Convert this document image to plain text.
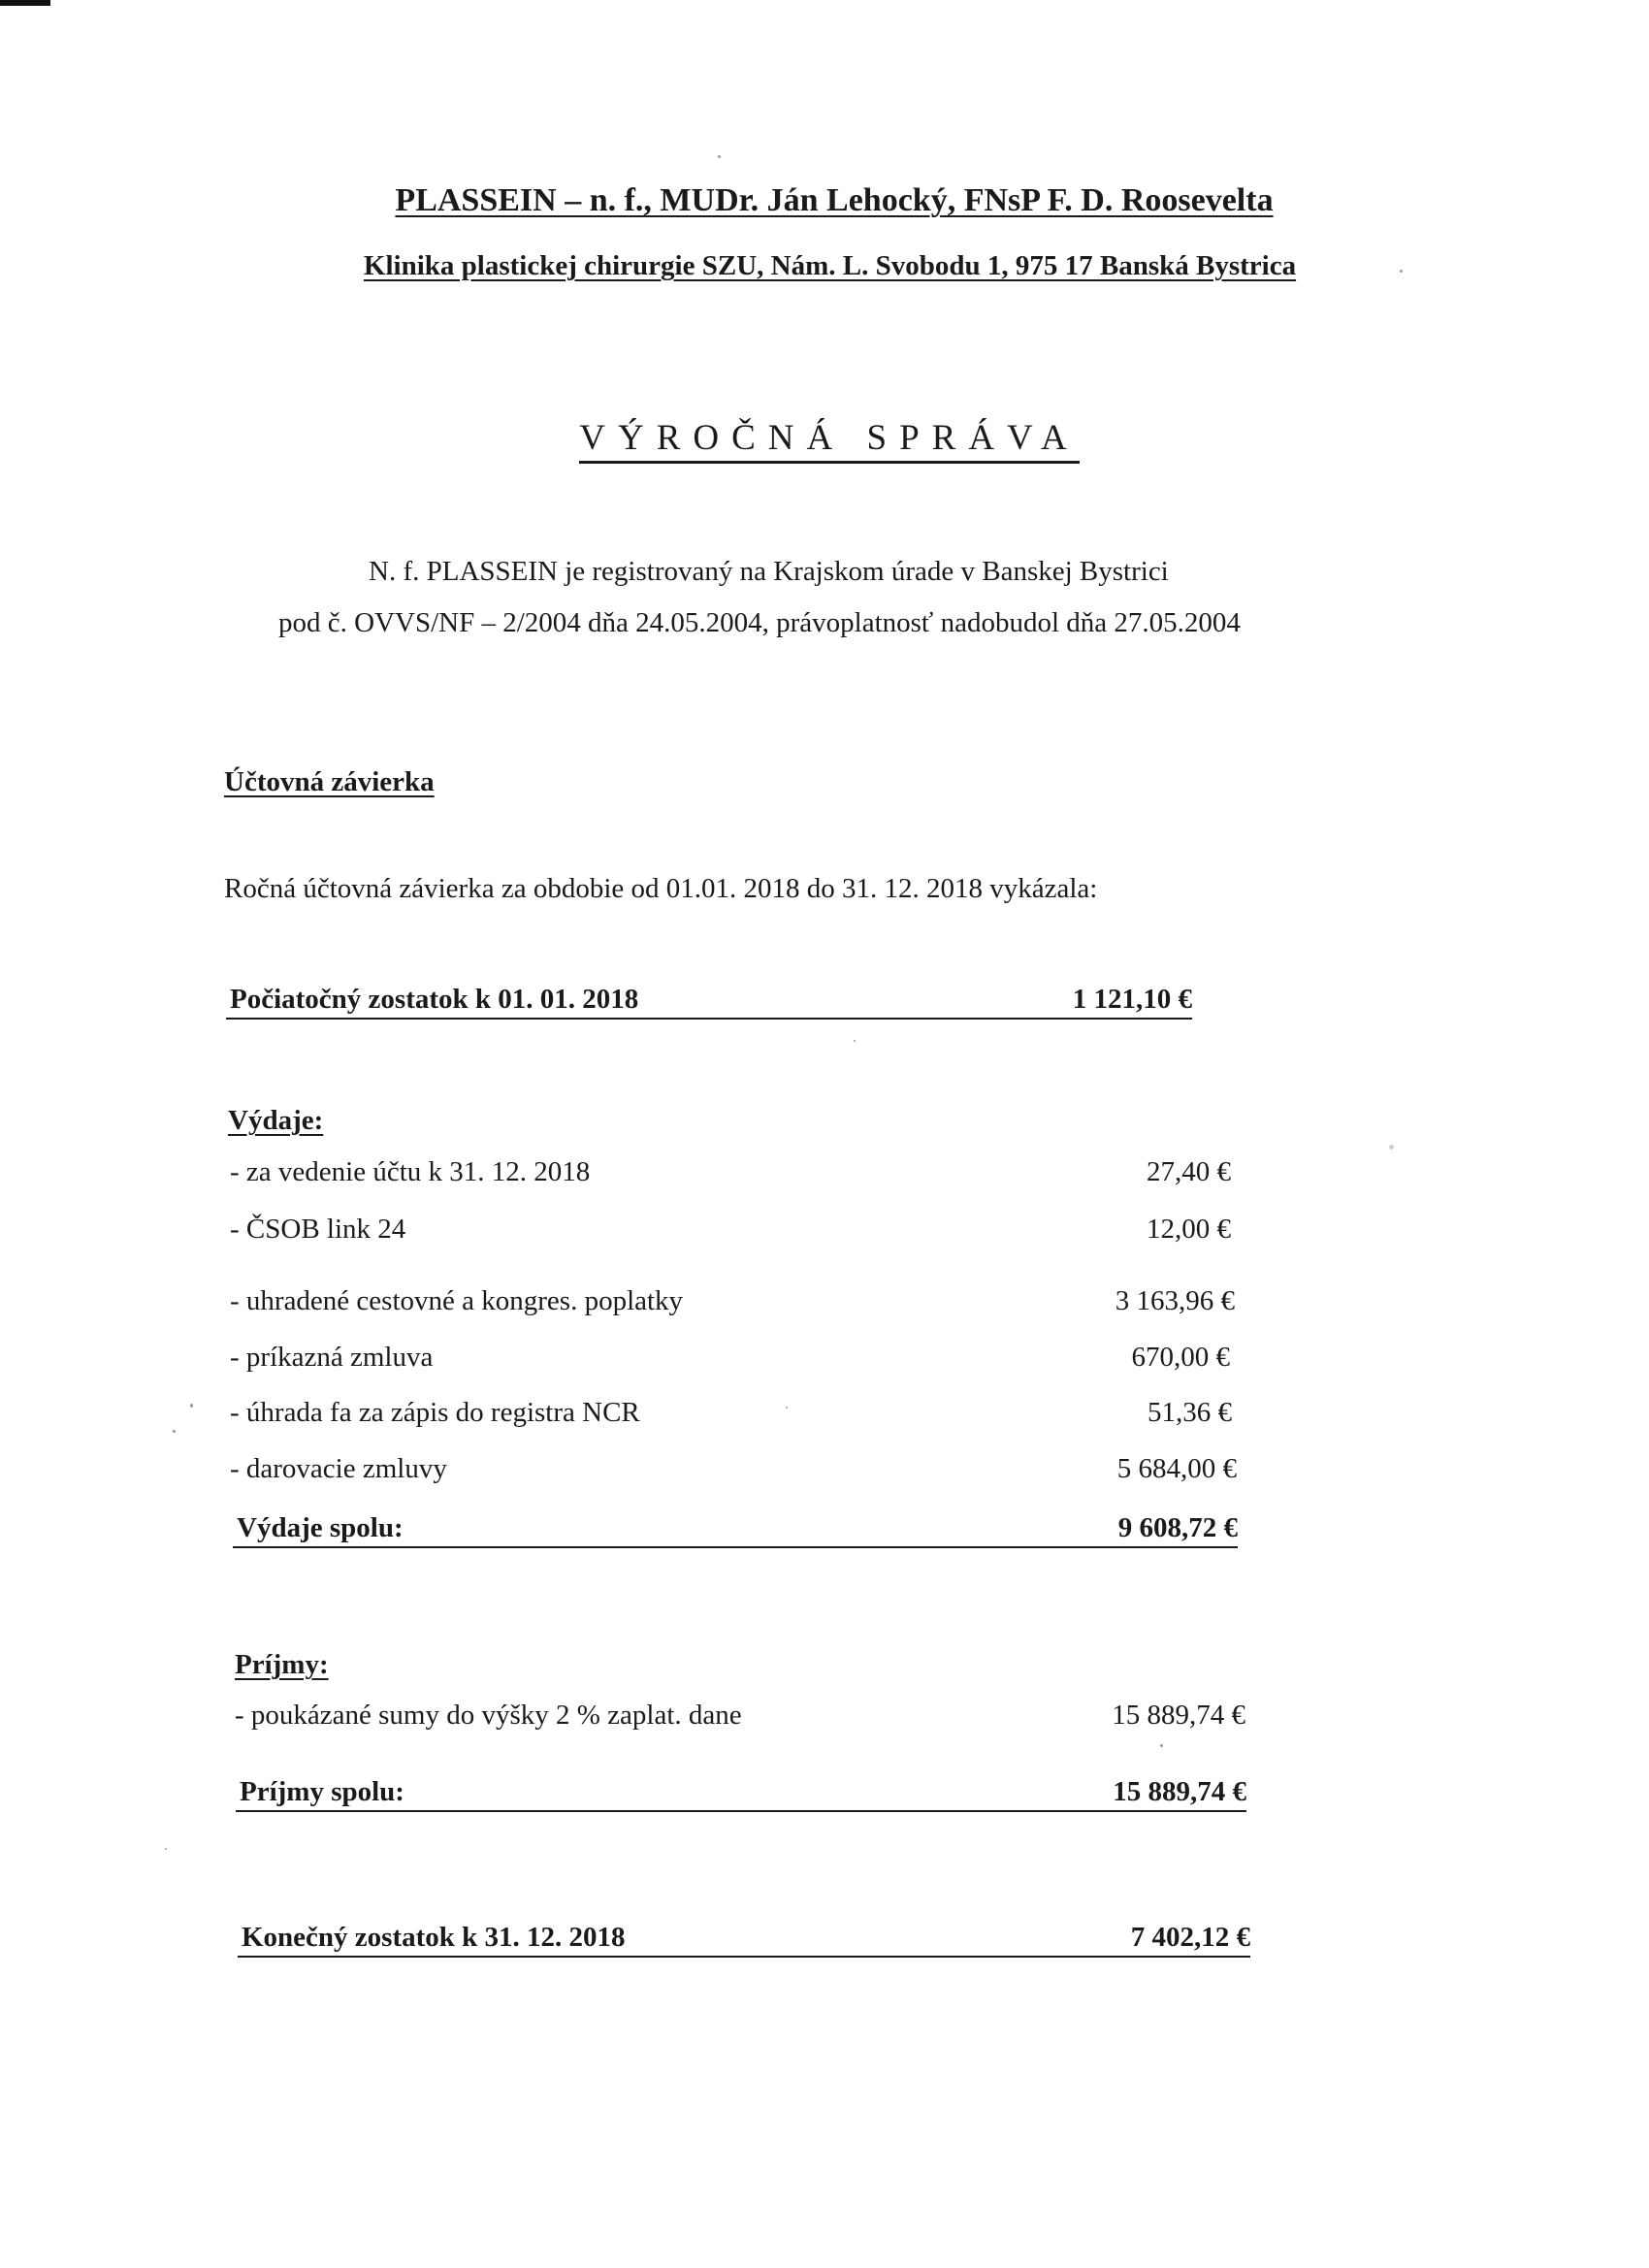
PLASSEIN – n. f., MUDr. Ján Lehocký, FNsP F. D. Roosevelta
Klinika plastickej chirurgie SZU, Nám. L. Svobodu 1, 975 17 Banská Bystrica
VÝROČNÁ SPRÁVA
N. f. PLASSEIN je registrovaný na Krajskom úrade v Banskej Bystrici
pod č. OVVS/NF – 2/2004 dňa 24.05.2004, právoplatnosť nadobudol dňa 27.05.2004
Účtovná závierka
Ročná účtovná závierka za obdobie od 01.01. 2018 do 31. 12. 2018 vykázala:
Počiatočný zostatok k 01. 01. 2018	1 121,10 €
Výdaje:
- za vedenie účtu k 31. 12. 2018	27,40 €
- ČSOB link 24	12,00 €
- uhradené cestovné a kongres. poplatky	3 163,96 €
- príkazná zmluva	670,00 €
- úhrada fa za zápis do registra NCR	51,36 €
- darovacie zmluvy	5 684,00 €
Výdaje spolu:	9 608,72 €
Príjmy:
- poukázané sumy do výšky 2 % zaplat. dane	15 889,74 €
Príjmy spolu:	15 889,74 €
Konečný zostatok k 31. 12. 2018	7 402,12 €
